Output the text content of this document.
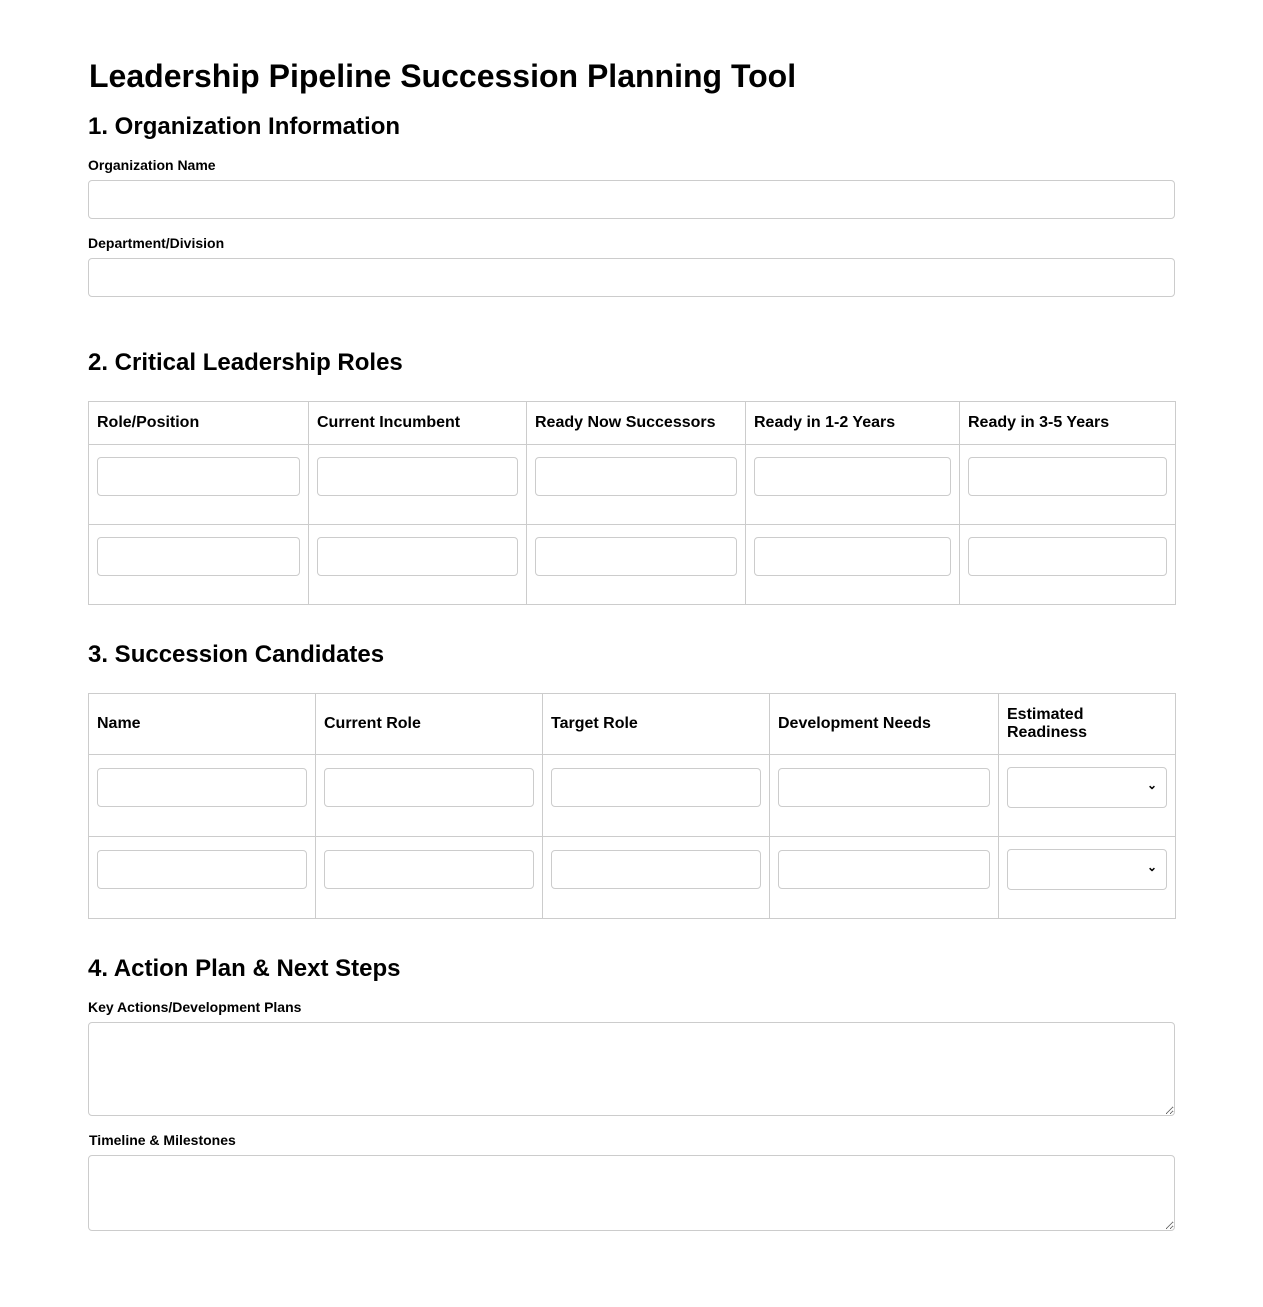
Leadership Pipeline Succession Planning Tool
1. Organization Information
Organization Name
Department/Division
2. Critical Leadership Roles
Role/Position	Current Incumbent	Ready Now Successors	Ready in 1-2 Years	Ready in 3-5 Years

3. Succession Candidates
Name	Current Role	Target Role	Development Needs	Estimated Readiness

⌄

⌄
4. Action Plan & Next Steps
Key Actions/Development Plans
Timeline & Milestones
